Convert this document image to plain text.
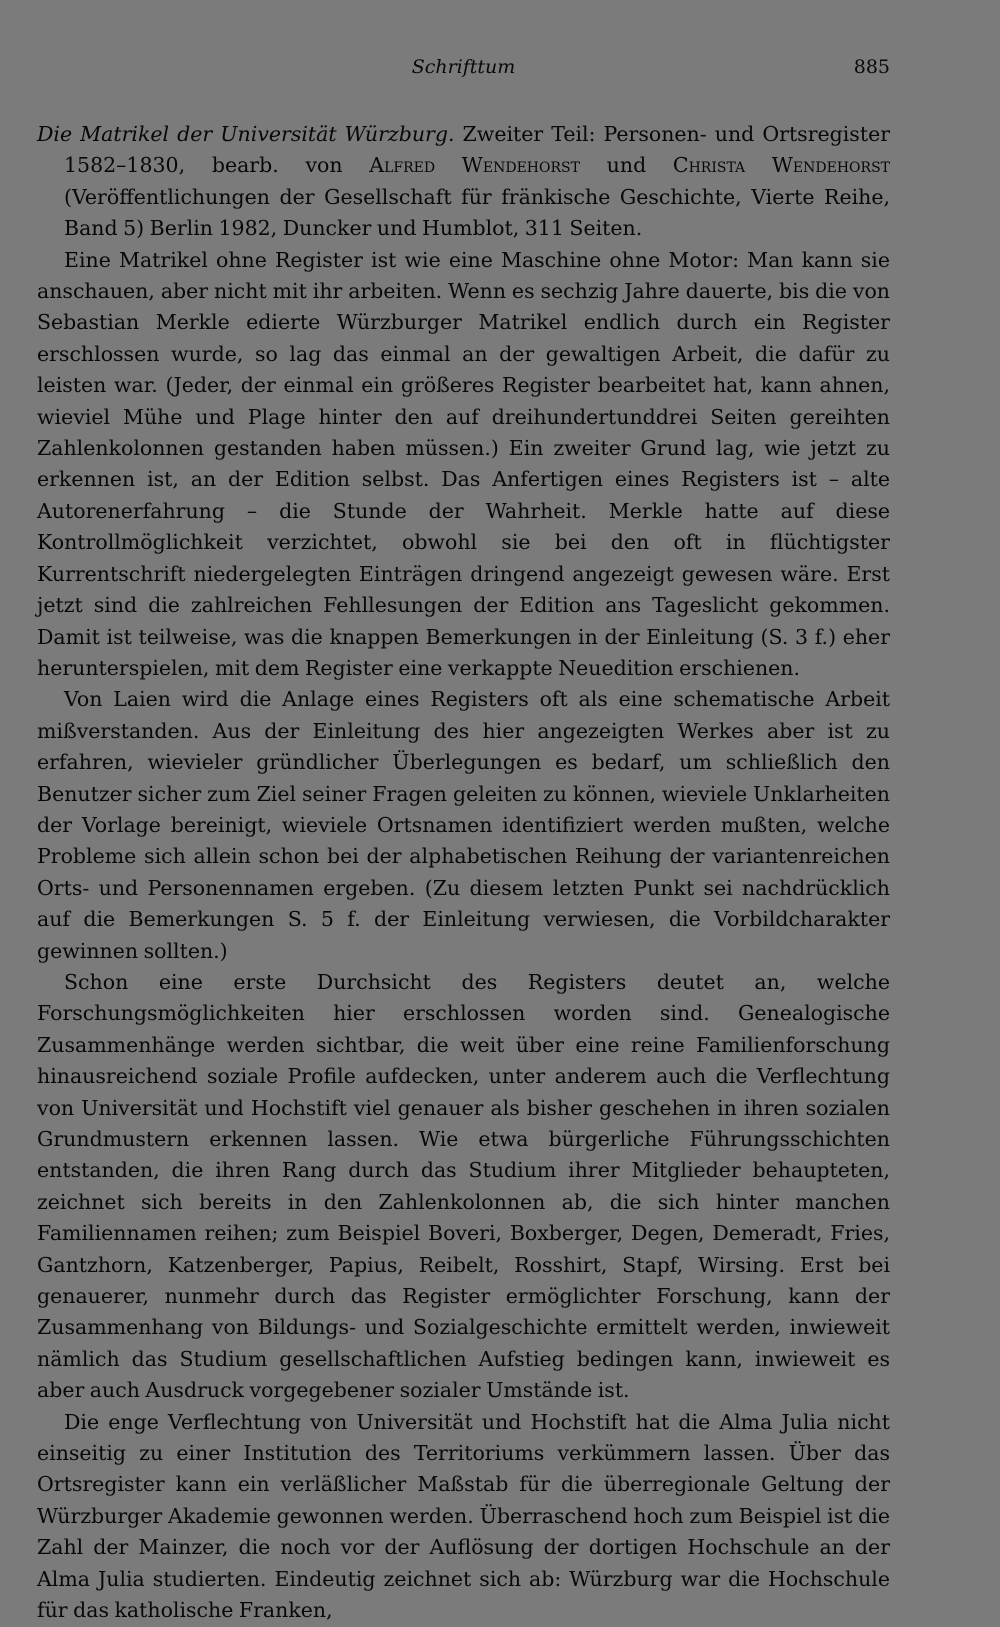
Schrifttum	885

Die Matrikel der Universität Würzburg. Zweiter Teil: Personen- und Ortsregister 1582–1830, bearb. von Alfred Wendehorst und Christa Wendehorst (Veröffentlichungen der Gesellschaft für fränkische Geschichte, Vierte Reihe, Band 5) Berlin 1982, Duncker und Humblot, 311 Seiten.

Eine Matrikel ohne Register ist wie eine Maschine ohne Motor: Man kann sie anschauen, aber nicht mit ihr arbeiten. Wenn es sechzig Jahre dauerte, bis die von Sebastian Merkle edierte Würzburger Matrikel endlich durch ein Register erschlossen wurde, so lag das einmal an der gewaltigen Arbeit, die dafür zu leisten war. (Jeder, der einmal ein größeres Register bearbeitet hat, kann ahnen, wieviel Mühe und Plage hinter den auf dreihundertunddrei Seiten gereihten Zahlenkolonnen gestanden haben müssen.) Ein zweiter Grund lag, wie jetzt zu erkennen ist, an der Edition selbst. Das Anfertigen eines Registers ist – alte Autorenerfahrung – die Stunde der Wahrheit. Merkle hatte auf diese Kontrollmöglichkeit verzichtet, obwohl sie bei den oft in flüchtigster Kurrentschrift niedergelegten Einträgen dringend angezeigt gewesen wäre. Erst jetzt sind die zahlreichen Fehllesungen der Edition ans Tageslicht gekommen. Damit ist teilweise, was die knappen Bemerkungen in der Einleitung (S. 3 f.) eher herunterspielen, mit dem Register eine verkappte Neuedition erschienen.

Von Laien wird die Anlage eines Registers oft als eine schematische Arbeit mißverstanden. Aus der Einleitung des hier angezeigten Werkes aber ist zu erfahren, wievieler gründlicher Überlegungen es bedarf, um schließlich den Benutzer sicher zum Ziel seiner Fragen geleiten zu können, wieviele Unklarheiten der Vorlage bereinigt, wieviele Ortsnamen identifiziert werden mußten, welche Probleme sich allein schon bei der alphabetischen Reihung der variantenreichen Orts- und Personennamen ergeben. (Zu diesem letzten Punkt sei nachdrücklich auf die Bemerkungen S. 5 f. der Einleitung verwiesen, die Vorbildcharakter gewinnen sollten.)

Schon eine erste Durchsicht des Registers deutet an, welche Forschungsmöglichkeiten hier erschlossen worden sind. Genealogische Zusammenhänge werden sichtbar, die weit über eine reine Familienforschung hinausreichend soziale Profile aufdecken, unter anderem auch die Verflechtung von Universität und Hochstift viel genauer als bisher geschehen in ihren sozialen Grundmustern erkennen lassen. Wie etwa bürgerliche Führungsschichten entstanden, die ihren Rang durch das Studium ihrer Mitglieder behaupteten, zeichnet sich bereits in den Zahlenkolonnen ab, die sich hinter manchen Familiennamen reihen; zum Beispiel Boveri, Boxberger, Degen, Demeradt, Fries, Gantzhorn, Katzenberger, Papius, Reibelt, Rosshirt, Stapf, Wirsing. Erst bei genauerer, nunmehr durch das Register ermöglichter Forschung, kann der Zusammenhang von Bildungs- und Sozialgeschichte ermittelt werden, inwieweit nämlich das Studium gesellschaftlichen Aufstieg bedingen kann, inwieweit es aber auch Ausdruck vorgegebener sozialer Umstände ist.

Die enge Verflechtung von Universität und Hochstift hat die Alma Julia nicht einseitig zu einer Institution des Territoriums verkümmern lassen. Über das Ortsregister kann ein verläßlicher Maßstab für die überregionale Geltung der Würzburger Akademie gewonnen werden. Überraschend hoch zum Beispiel ist die Zahl der Mainzer, die noch vor der Auflösung der dortigen Hochschule an der Alma Julia studierten. Eindeutig zeichnet sich ab: Würzburg war die Hochschule für das katholische Franken,
